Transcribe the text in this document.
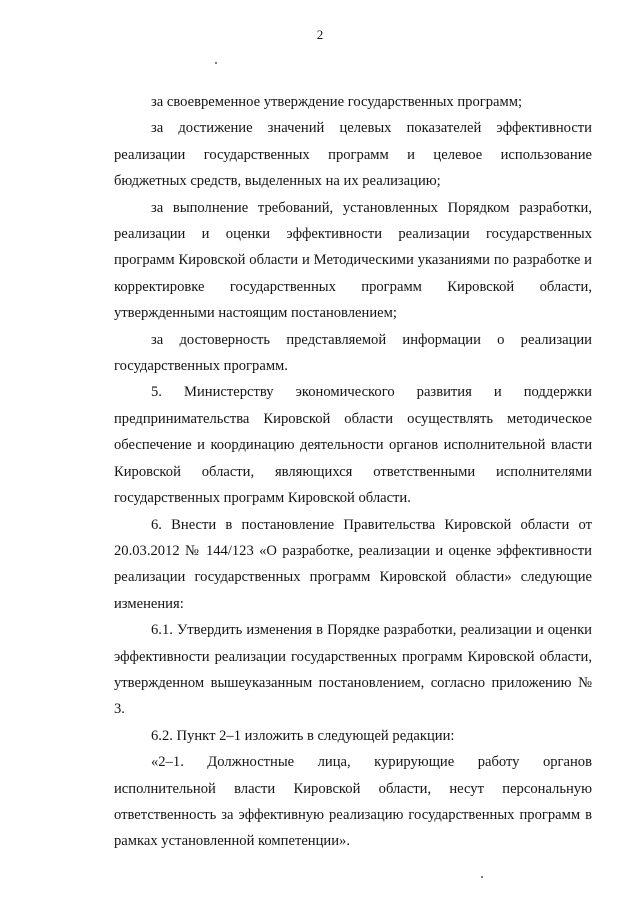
2

за своевременное утверждение государственных программ;

за достижение значений целевых показателей эффективности реализации государственных программ и целевое использование бюджетных средств, выделенных на их реализацию;

за выполнение требований, установленных Порядком разработки, реализации и оценки эффективности реализации государственных программ Кировской области и Методическими указаниями по разработке и корректировке государственных программ Кировской области, утвержденными настоящим постановлением;

за достоверность представляемой информации о реализации государственных программ.

5. Министерству экономического развития и поддержки предпринимательства Кировской области осуществлять методическое обеспечение и координацию деятельности органов исполнительной власти Кировской области, являющихся ответственными исполнителями государственных программ Кировской области.

6. Внести в постановление Правительства Кировской области от 20.03.2012 № 144/123 «О разработке, реализации и оценке эффективности реализации государственных программ Кировской области» следующие изменения:

6.1. Утвердить изменения в Порядке разработки, реализации и оценки эффективности реализации государственных программ Кировской области, утвержденном вышеуказанным постановлением, согласно приложению № 3.

6.2. Пункт 2–1 изложить в следующей редакции:

«2–1. Должностные лица, курирующие работу органов исполнительной власти Кировской области, несут персональную ответственность за эффективную реализацию государственных программ в рамках установленной компетенции».
